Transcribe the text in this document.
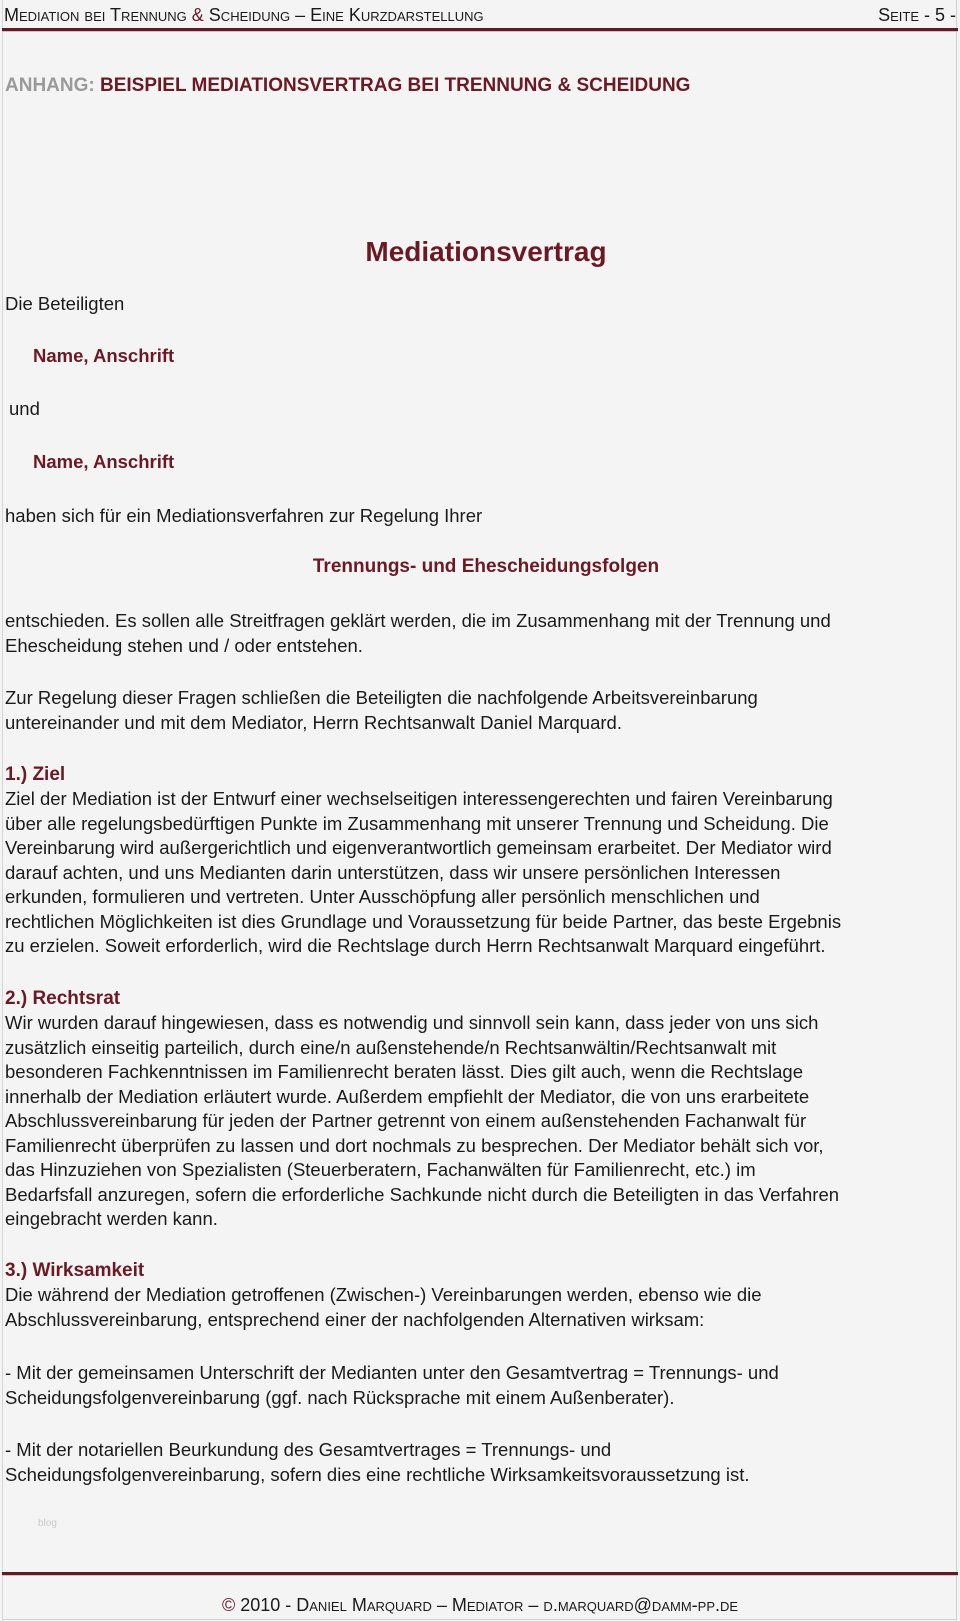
Mediation bei Trennung & Scheidung – Eine Kurzdarstellung	Seite - 5 -
ANHANG: BEISPIEL MEDIATIONSVERTRAG BEI TRENNUNG & SCHEIDUNG
Mediationsvertrag
Die Beteiligten
Name, Anschrift
und
Name, Anschrift
haben sich für ein Mediationsverfahren zur Regelung Ihrer
Trennungs- und Ehescheidungsfolgen

entschieden. Es sollen alle Streitfragen geklärt werden, die im Zusammenhang mit der Trennung und

Ehescheidung stehen und / oder entstehen.

Zur Regelung dieser Fragen schließen die Beteiligten die nachfolgende Arbeitsvereinbarung

untereinander und mit dem Mediator, Herrn Rechtsanwalt Daniel Marquard.

1.) Ziel

Ziel der Mediation ist der Entwurf einer wechselseitigen interessengerechten und fairen Vereinbarung

über alle regelungsbedürftigen Punkte im Zusammenhang mit unserer Trennung und Scheidung. Die

Vereinbarung wird außergerichtlich und eigenverantwortlich gemeinsam erarbeitet. Der Mediator wird

darauf achten, und uns Medianten darin unterstützen, dass wir unsere persönlichen Interessen

erkunden, formulieren und vertreten. Unter Ausschöpfung aller persönlich menschlichen und

rechtlichen Möglichkeiten ist dies Grundlage und Voraussetzung für beide Partner, das beste Ergebnis

zu erzielen. Soweit erforderlich, wird die Rechtslage durch Herrn Rechtsanwalt Marquard eingeführt.

2.) Rechtsrat

Wir wurden darauf hingewiesen, dass es notwendig und sinnvoll sein kann, dass jeder von uns sich

zusätzlich einseitig parteilich, durch eine/n außenstehende/n Rechtsanwältin/Rechtsanwalt mit

besonderen Fachkenntnissen im Familienrecht beraten lässt. Dies gilt auch, wenn die Rechtslage

innerhalb der Mediation erläutert wurde. Außerdem empfiehlt der Mediator, die von uns erarbeitete

Abschlussvereinbarung für jeden der Partner getrennt von einem außenstehenden Fachanwalt für

Familienrecht überprüfen zu lassen und dort nochmals zu besprechen. Der Mediator behält sich vor,

das Hinzuziehen von Spezialisten (Steuerberatern, Fachanwälten für Familienrecht, etc.) im

Bedarfsfall anzuregen, sofern die erforderliche Sachkunde nicht durch die Beteiligten in das Verfahren

eingebracht werden kann.

3.) Wirksamkeit

Die während der Mediation getroffenen (Zwischen-) Vereinbarungen werden, ebenso wie die

Abschlussvereinbarung, entsprechend einer der nachfolgenden Alternativen wirksam:

- Mit der gemeinsamen Unterschrift der Medianten unter den Gesamtvertrag = Trennungs- und

Scheidungsfolgenvereinbarung (ggf. nach Rücksprache mit einem Außenberater).

- Mit der notariellen Beurkundung des Gesamtvertrages = Trennungs- und

Scheidungsfolgenvereinbarung, sofern dies eine rechtliche Wirksamkeitsvoraussetzung ist.

blog
© 2010 - Daniel Marquard – Mediator – d.marquard@damm-pp.de
